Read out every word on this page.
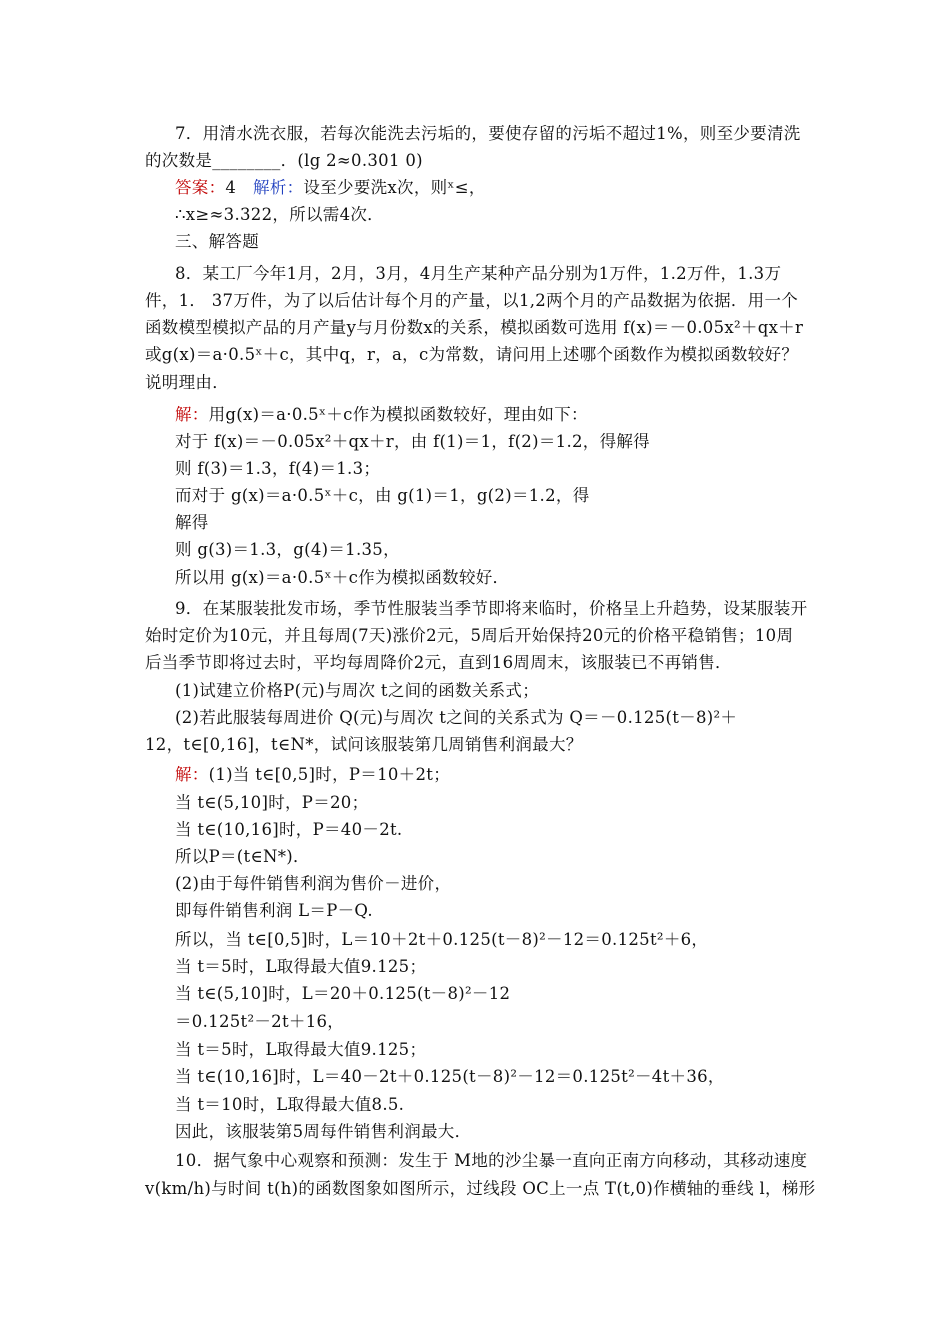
7．用清水洗衣服，若每次能洗去污垢的，要使存留的污垢不超过1%，则至少要清洗
的次数是________．(lg 2≈0.301 0)
答案：4　解析：设至少要洗x次，则ˣ≤，
∴x≥≈3.322，所以需4次．
三、解答题
8．某工厂今年1月，2月，3月，4月生产某种产品分别为1万件，1.2万件，1.3万
件，1． 37万件，为了以后估计每个月的产量，以1,2两个月的产品数据为依据．用一个
函数模型模拟产品的月产量y与月份数x的关系，模拟函数可选用 f(x)＝－0.05x²＋qx＋r
或g(x)＝a·0.5ˣ＋c，其中q，r，a，c为常数，请问用上述哪个函数作为模拟函数较好？
说明理由．
解：用g(x)＝a·0.5ˣ＋c作为模拟函数较好，理由如下：
对于 f(x)＝－0.05x²＋qx＋r，由 f(1)＝1，f(2)＝1.2，得解得
则 f(3)＝1.3，f(4)＝1.3；
而对于 g(x)＝a·0.5ˣ＋c，由 g(1)＝1，g(2)＝1.2，得
解得
则 g(3)＝1.3，g(4)＝1.35，
所以用 g(x)＝a·0.5ˣ＋c作为模拟函数较好．
9．在某服装批发市场，季节性服装当季节即将来临时，价格呈上升趋势，设某服装开
始时定价为10元，并且每周(7天)涨价2元，5周后开始保持20元的价格平稳销售；10周
后当季节即将过去时，平均每周降价2元，直到16周周末，该服装已不再销售．
(1)试建立价格P(元)与周次 t之间的函数关系式；
(2)若此服装每周进价 Q(元)与周次 t之间的关系式为 Q＝－0.125(t－8)²＋
12，t∈[0,16]，t∈N*，试问该服装第几周销售利润最大？
解：(1)当 t∈[0,5]时，P＝10＋2t；
当 t∈(5,10]时，P＝20；
当 t∈(10,16]时，P＝40－2t.
所以P＝(t∈N*)．
(2)由于每件销售利润为售价－进价，
即每件销售利润 L＝P－Q.
所以，当 t∈[0,5]时，L＝10＋2t＋0.125(t－8)²－12＝0.125t²＋6，
当 t＝5时，L取得最大值9.125；
当 t∈(5,10]时，L＝20＋0.125(t－8)²－12
＝0.125t²－2t＋16，
当 t＝5时，L取得最大值9.125；
当 t∈(10,16]时，L＝40－2t＋0.125(t－8)²－12＝0.125t²－4t＋36，
当 t＝10时，L取得最大值8.5.
因此，该服装第5周每件销售利润最大．
10．据气象中心观察和预测：发生于 M地的沙尘暴一直向正南方向移动，其移动速度
v(km/h)与时间 t(h)的函数图象如图所示，过线段 OC上一点 T(t,0)作横轴的垂线 l，梯形
